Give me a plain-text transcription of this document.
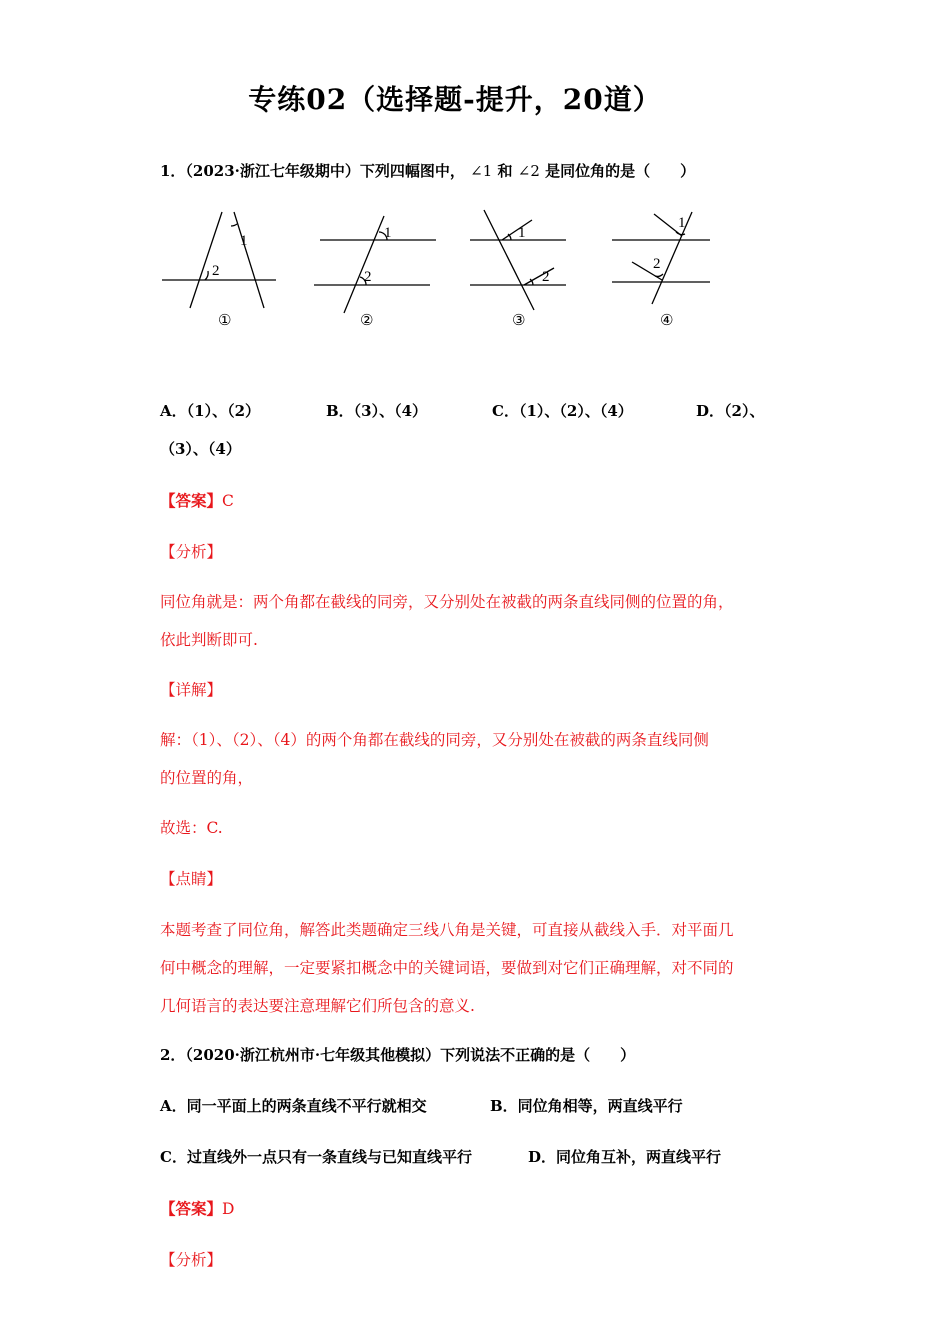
专练02（选择题-提升，20道）
1．（2023·浙江七年级期中）下列四幅图中， ∠1 和 ∠2 是同位角的是（　　）
1
2
①
1
2
②
1
2
③
1
2
④
A．（1）、（2）	B．（3）、（4）	C．（1）、（2）、（4）	D．（2）、
（3）、（4）
【答案】C
【分析】
同位角就是：两个角都在截线的同旁，又分别处在被截的两条直线同侧的位置的角，
依此判断即可.
【详解】
解：（1）、（2）、（4）的两个角都在截线的同旁，又分别处在被截的两条直线同侧
的位置的角，
故选：C.
【点睛】
本题考查了同位角，解答此类题确定三线八角是关键，可直接从截线入手．对平面几
何中概念的理解，一定要紧扣概念中的关键词语，要做到对它们正确理解，对不同的
几何语言的表达要注意理解它们所包含的意义.
2．（2020·浙江杭州市·七年级其他模拟）下列说法不正确的是（　　）
A．同一平面上的两条直线不平行就相交	B．同位角相等，两直线平行
C．过直线外一点只有一条直线与已知直线平行	D．同位角互补，两直线平行
【答案】D
【分析】
